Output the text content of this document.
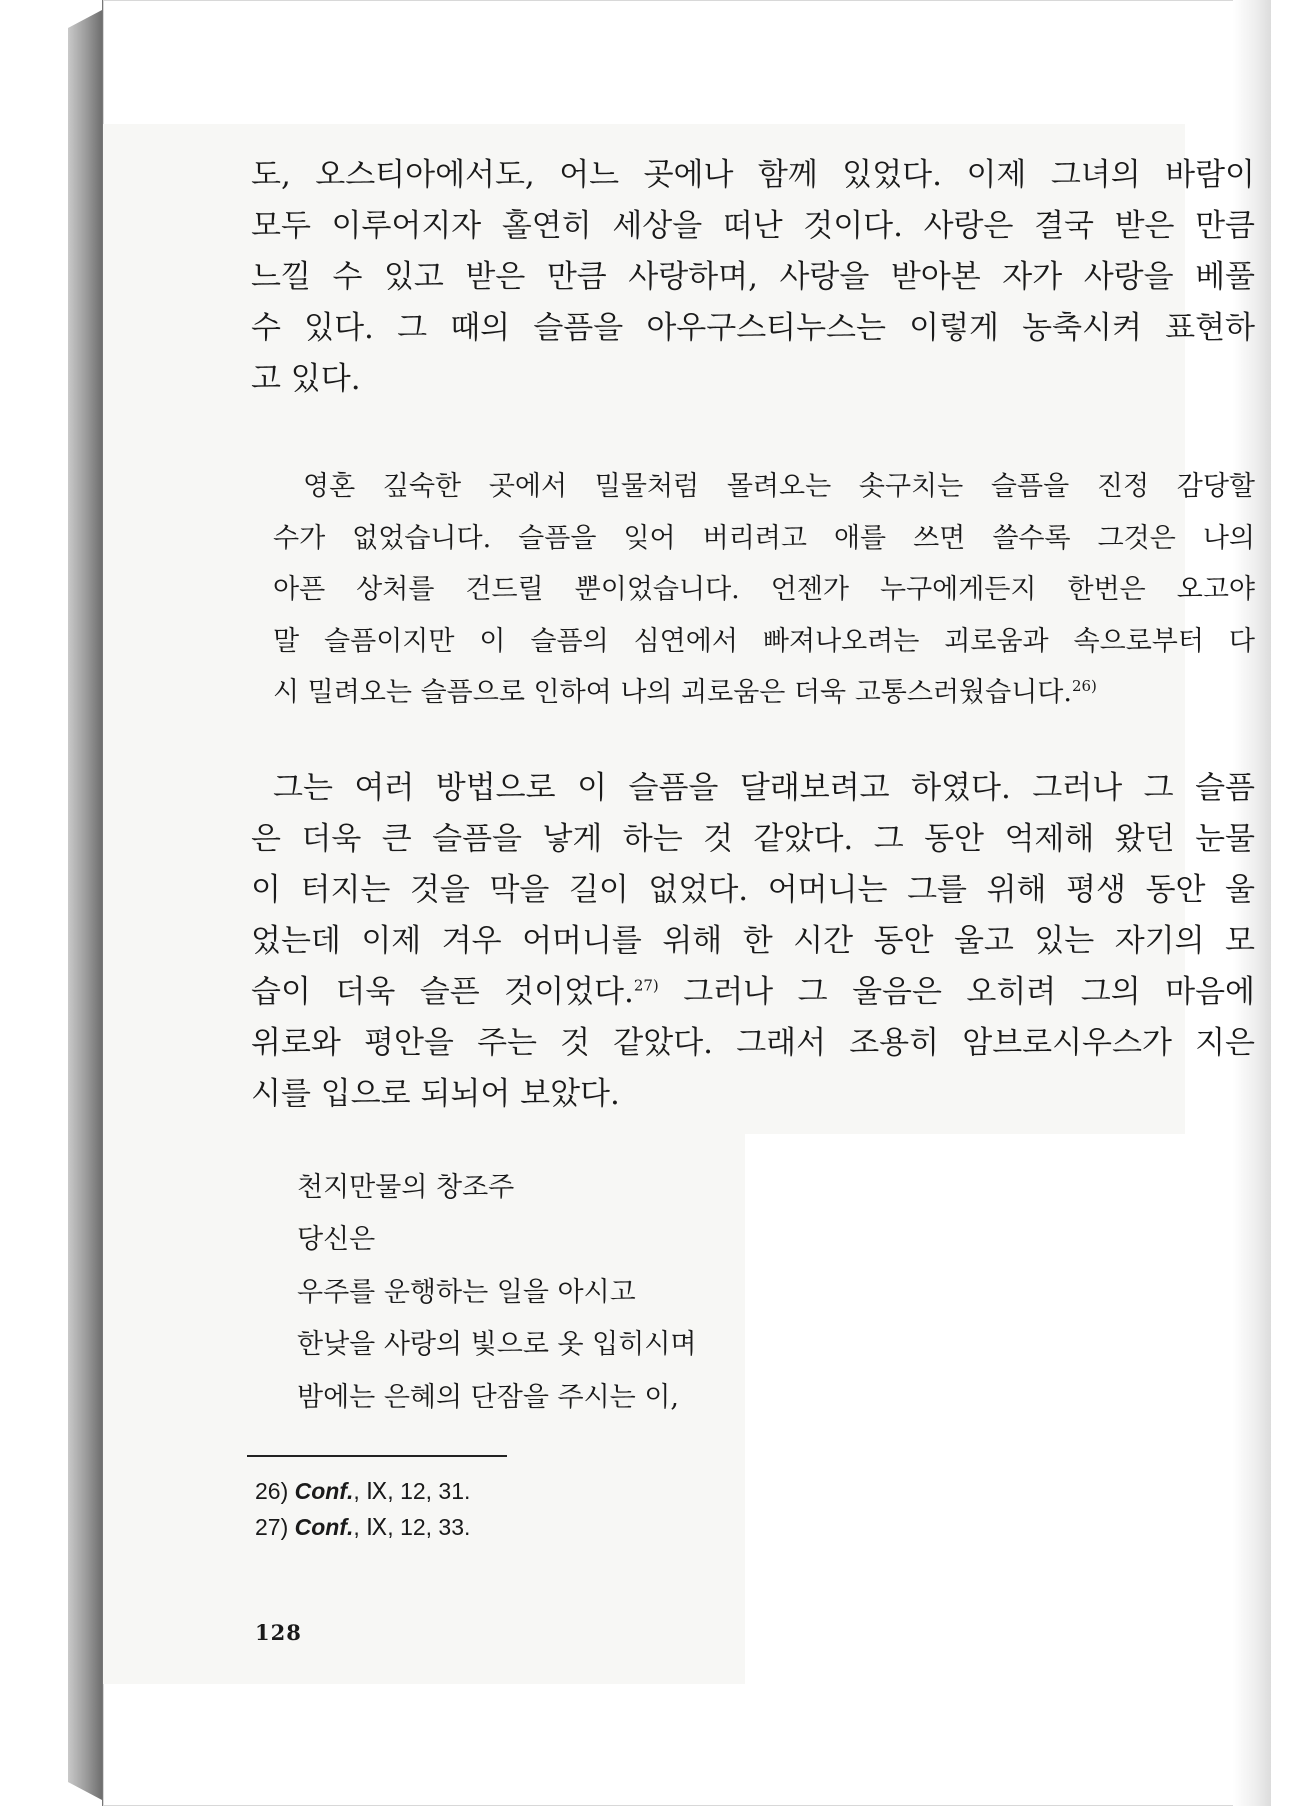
도, 오스티아에서도, 어느 곳에나 함께 있었다. 이제 그녀의 바람이
모두 이루어지자 홀연히 세상을 떠난 것이다. 사랑은 결국 받은 만큼
느낄 수 있고 받은 만큼 사랑하며, 사랑을 받아본 자가 사랑을 베풀
수 있다. 그 때의 슬픔을 아우구스티누스는 이렇게 농축시켜 표현하
고 있다.

영혼 깊숙한 곳에서 밀물처럼 몰려오는 솟구치는 슬픔을 진정 감당할
수가 없었습니다. 슬픔을 잊어 버리려고 애를 쓰면 쓸수록 그것은 나의
아픈 상처를 건드릴 뿐이었습니다. 언젠가 누구에게든지 한번은 오고야
말 슬픔이지만 이 슬픔의 심연에서 빠져나오려는 괴로움과 속으로부터 다
시 밀려오는 슬픔으로 인하여 나의 괴로움은 더욱 고통스러웠습니다.$^{26)}$

그는 여러 방법으로 이 슬픔을 달래보려고 하였다. 그러나 그 슬픔
은 더욱 큰 슬픔을 낳게 하는 것 같았다. 그 동안 억제해 왔던 눈물
이 터지는 것을 막을 길이 없었다. 어머니는 그를 위해 평생 동안 울
었는데 이제 겨우 어머니를 위해 한 시간 동안 울고 있는 자기의 모
습이 더욱 슬픈 것이었다.$^{27)}$ 그러나 그 울음은 오히려 그의 마음에
위로와 평안을 주는 것 같았다. 그래서 조용히 암브로시우스가 지은
시를 입으로 되뇌어 보았다.

천지만물의 창조주
당신은
우주를 운행하는 일을 아시고
한낮을 사랑의 빛으로 옷 입히시며
밤에는 은혜의 단잠을 주시는 이,
26) Conf., Ⅸ, 12, 31.
27) Conf., Ⅸ, 12, 33.
128
